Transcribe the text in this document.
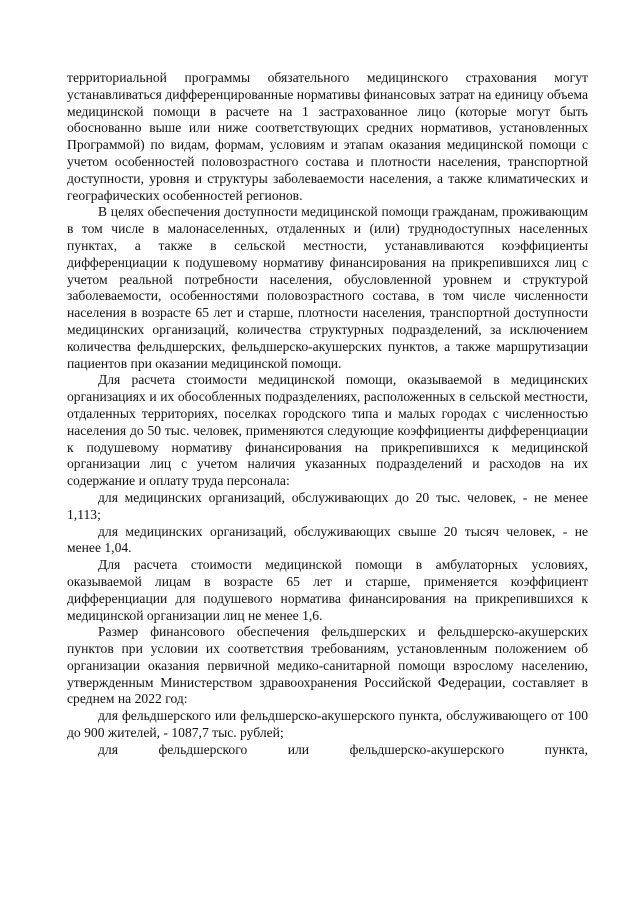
территориальной программы обязательного медицинского страхования могут устанавливаться дифференцированные нормативы финансовых затрат на единицу объема медицинской помощи в расчете на 1 застрахованное лицо (которые могут быть обоснованно выше или ниже соответствующих средних нормативов, установленных Программой) по видам, формам, условиям и этапам оказания медицинской помощи с учетом особенностей половозрастного состава и плотности населения, транспортной доступности, уровня и структуры заболеваемости населения, а также климатических и географических особенностей регионов.

В целях обеспечения доступности медицинской помощи гражданам, проживающим в том числе в малонаселенных, отдаленных и (или) труднодоступных населенных пунктах, а также в сельской местности, устанавливаются коэффициенты дифференциации к подушевому нормативу финансирования на прикрепившихся лиц с учетом реальной потребности населения, обусловленной уровнем и структурой заболеваемости, особенностями половозрастного состава, в том числе численности населения в возрасте 65 лет и старше, плотности населения, транспортной доступности медицинских организаций, количества структурных подразделений, за исключением количества фельдшерских, фельдшерско-акушерских пунктов, а также маршрутизации пациентов при оказании медицинской помощи.

Для расчета стоимости медицинской помощи, оказываемой в медицинских организациях и их обособленных подразделениях, расположенных в сельской местности, отдаленных территориях, поселках городского типа и малых городах с численностью населения до 50 тыс. человек, применяются следующие коэффициенты дифференциации к подушевому нормативу финансирования на прикрепившихся к медицинской организации лиц с учетом наличия указанных подразделений и расходов на их содержание и оплату труда персонала:

для медицинских организаций, обслуживающих до 20 тыс. человек, - не менее 1,113;

для медицинских организаций, обслуживающих свыше 20 тысяч человек, - не менее 1,04.

Для расчета стоимости медицинской помощи в амбулаторных условиях, оказываемой лицам в возрасте 65 лет и старше, применяется коэффициент дифференциации для подушевого норматива финансирования на прикрепившихся к медицинской организации лиц не менее 1,6.

Размер финансового обеспечения фельдшерских и фельдшерско-акушерских пунктов при условии их соответствия требованиям, установленным положением об организации оказания первичной медико-санитарной помощи взрослому населению, утвержденным Министерством здравоохранения Российской Федерации, составляет в среднем на 2022 год:

для фельдшерского или фельдшерско-акушерского пункта, обслуживающего от 100 до 900 жителей, - 1087,7 тыс. рублей;

для фельдшерского или фельдшерско-акушерского пункта,
